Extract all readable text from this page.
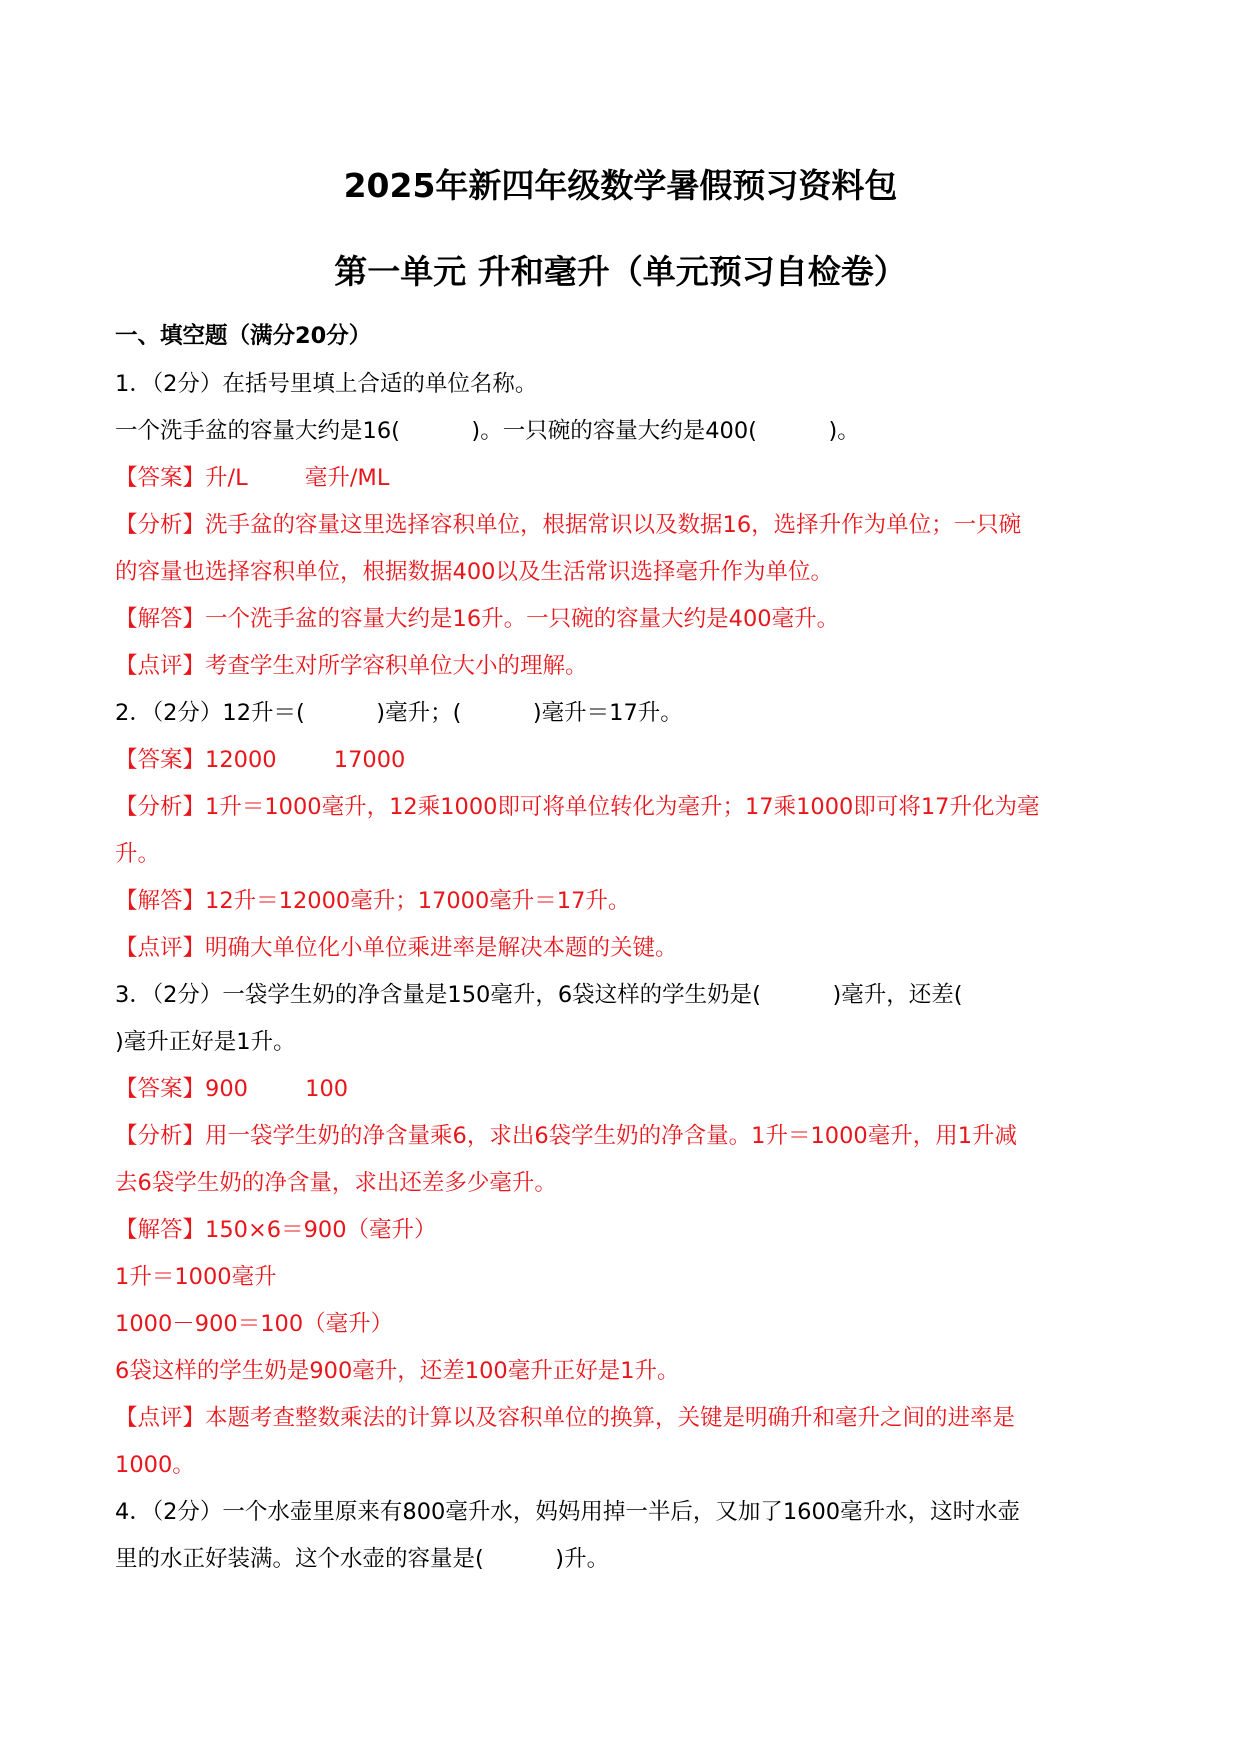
2025年新四年级数学暑假预习资料包
第一单元 升和毫升（单元预习自检卷）
一、填空题（满分20分）
1．（2分）在括号里填上合适的单位名称。
一个洗手盆的容量大约是16(          )。一只碗的容量大约是400(          )。
【答案】升/L        毫升/ML
【分析】洗手盆的容量这里选择容积单位，根据常识以及数据16，选择升作为单位；一只碗
的容量也选择容积单位，根据数据400以及生活常识选择毫升作为单位。
【解答】一个洗手盆的容量大约是16升。一只碗的容量大约是400毫升。
【点评】考查学生对所学容积单位大小的理解。
2．（2分）12升＝(          )毫升；(          )毫升＝17升。
【答案】12000        17000
【分析】1升＝1000毫升，12乘1000即可将单位转化为毫升；17乘1000即可将17升化为毫
升。
【解答】12升＝12000毫升；17000毫升＝17升。
【点评】明确大单位化小单位乘进率是解决本题的关键。
3．（2分）一袋学生奶的净含量是150毫升，6袋这样的学生奶是(          )毫升，还差(
)毫升正好是1升。
【答案】900        100
【分析】用一袋学生奶的净含量乘6，求出6袋学生奶的净含量。1升＝1000毫升，用1升减
去6袋学生奶的净含量，求出还差多少毫升。
【解答】150×6＝900（毫升）
1升＝1000毫升
1000－900＝100（毫升）
6袋这样的学生奶是900毫升，还差100毫升正好是1升。
【点评】本题考查整数乘法的计算以及容积单位的换算，关键是明确升和毫升之间的进率是
1000。
4．（2分）一个水壶里原来有800毫升水，妈妈用掉一半后，又加了1600毫升水，这时水壶
里的水正好装满。这个水壶的容量是(          )升。
